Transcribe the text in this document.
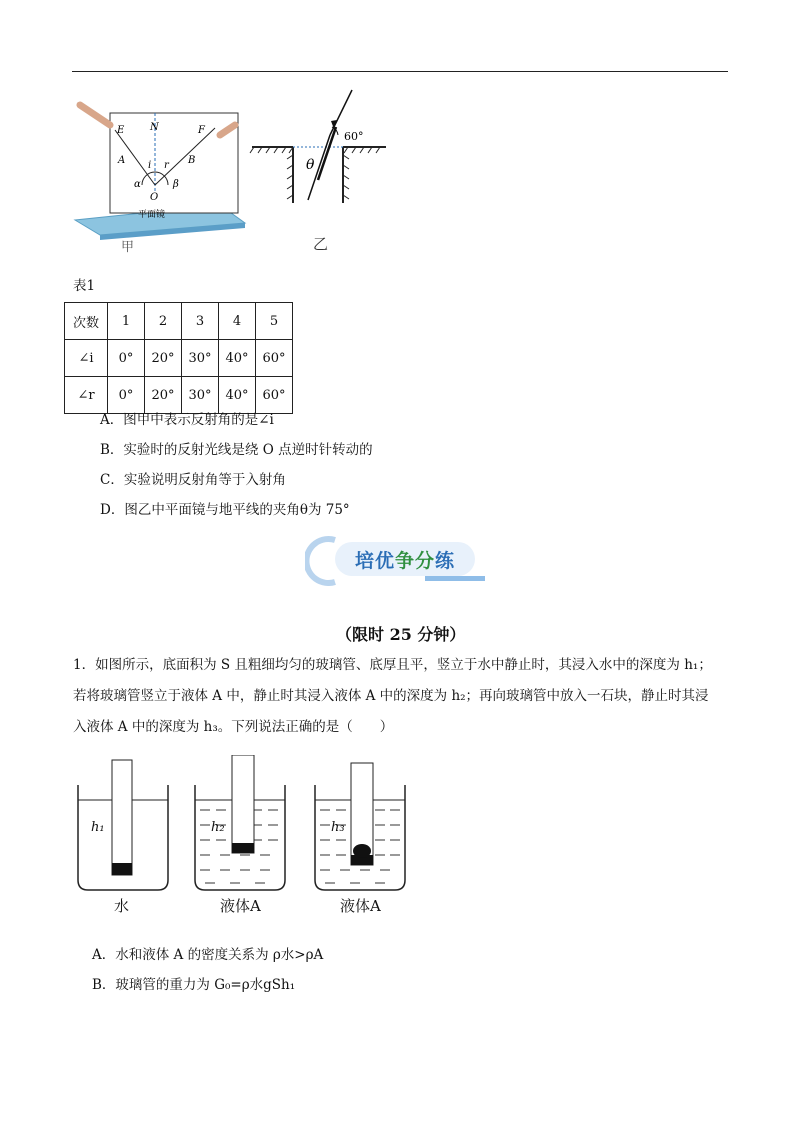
E	N	F
A i r B
α	β
O
平面镜
甲
60°
θ
乙
表1
次数	1	2	3	4	5
∠i	0°	20°	30°	40°	60°
∠r	0°	20°	30°	40°	60°
A．图甲中表示反射角的是∠i
B．实验时的反射光线是绕 O 点逆时针转动的
C．实验说明反射角等于入射角
D．图乙中平面镜与地平线的夹角θ为 75°
培优争分练
（限时 25 分钟）
1．如图所示，底面积为 S 且粗细均匀的玻璃管、底厚且平，竖立于水中静止时，其浸入水中的深度为 h₁；
若将玻璃管竖立于液体 A 中，静止时其浸入液体 A 中的深度为 h₂；再向玻璃管中放入一石块，静止时其浸
入液体 A 中的深度为 h₃。下列说法正确的是（　　）
h₁	h₂	h₃
水	液体A	液体A
A．水和液体 A 的密度关系为 ρ水>ρA
B．玻璃管的重力为 G₀=ρ水gSh₁
